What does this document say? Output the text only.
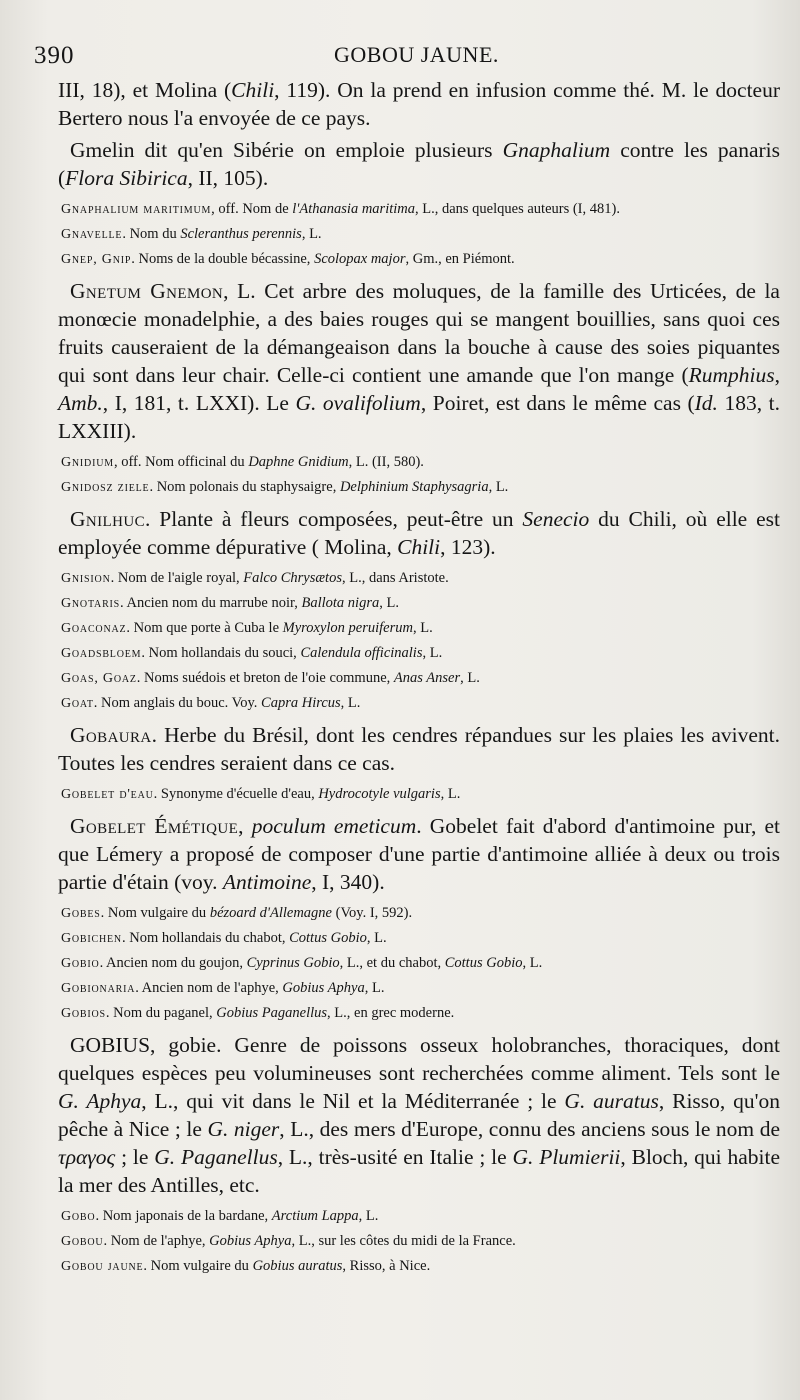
390	GOBOU JAUNE.
III, 18), et Molina (Chili, 119). On la prend en infusion comme thé. M. le docteur Bertero nous l'a envoyée de ce pays.
Gmelin dit qu'en Sibérie on emploie plusieurs Gnaphalium contre les panaris (Flora Sibirica, II, 105).
Gnaphalium maritimum, off. Nom de l'Athanasia maritima, L., dans quelques auteurs (I, 481).
Gnavelle. Nom du Scleranthus perennis, L.
Gnep, Gnip. Noms de la double bécassine, Scolopax major, Gm., en Piémont.
Gnetum Gnemon, L. Cet arbre des moluques, de la famille des Urticées, de la monœcie monadelphie, a des baies rouges qui se mangent bouillies, sans quoi ces fruits causeraient de la démangeaison dans la bouche à cause des soies piquantes qui sont dans leur chair. Celle-ci contient une amande que l'on mange (Rumphius, Amb., I, 181, t. LXXI). Le G. ovalifolium, Poiret, est dans le même cas (Id. 183, t. LXXIII).
Gnidium, off. Nom officinal du Daphne Gnidium, L. (II, 580).
Gnidosz ziele. Nom polonais du staphysaigre, Delphinium Staphysagria, L.
Gnilhuc. Plante à fleurs composées, peut-être un Senecio du Chili, où elle est employée comme dépurative ( Molina, Chili, 123).
Gnision. Nom de l'aigle royal, Falco Chrysætos, L., dans Aristote.
Gnotaris. Ancien nom du marrube noir, Ballota nigra, L.
Goaconaz. Nom que porte à Cuba le Myroxylon peruiferum, L.
Goadsbloem. Nom hollandais du souci, Calendula officinalis, L.
Goas, Goaz. Noms suédois et breton de l'oie commune, Anas Anser, L.
Goat. Nom anglais du bouc. Voy. Capra Hircus, L.
Gobaura. Herbe du Brésil, dont les cendres répandues sur les plaies les avivent. Toutes les cendres seraient dans ce cas.
Gobelet d'eau. Synonyme d'écuelle d'eau, Hydrocotyle vulgaris, L.
Gobelet Émétique, poculum emeticum. Gobelet fait d'abord d'antimoine pur, et que Lémery a proposé de composer d'une partie d'antimoine alliée à deux ou trois partie d'étain (voy. Antimoine, I, 340).
Gobes. Nom vulgaire du bézoard d'Allemagne (Voy. I, 592).
Gobichen. Nom hollandais du chabot, Cottus Gobio, L.
Gobio. Ancien nom du goujon, Cyprinus Gobio, L., et du chabot, Cottus Gobio, L.
Gobionaria. Ancien nom de l'aphye, Gobius Aphya, L.
Gobios. Nom du paganel, Gobius Paganellus, L., en grec moderne.
GOBIUS, gobie. Genre de poissons osseux holobranches, thoraciques, dont quelques espèces peu volumineuses sont recherchées comme aliment. Tels sont le G. Aphya, L., qui vit dans le Nil et la Méditerranée ; le G. auratus, Risso, qu'on pêche à Nice ; le G. niger, L., des mers d'Europe, connu des anciens sous le nom de τραγος ; le G. Paganellus, L., très-usité en Italie ; le G. Plumierii, Bloch, qui habite la mer des Antilles, etc.
Gobo. Nom japonais de la bardane, Arctium Lappa, L.
Gobou. Nom de l'aphye, Gobius Aphya, L., sur les côtes du midi de la France.
Gobou jaune. Nom vulgaire du Gobius auratus, Risso, à Nice.
